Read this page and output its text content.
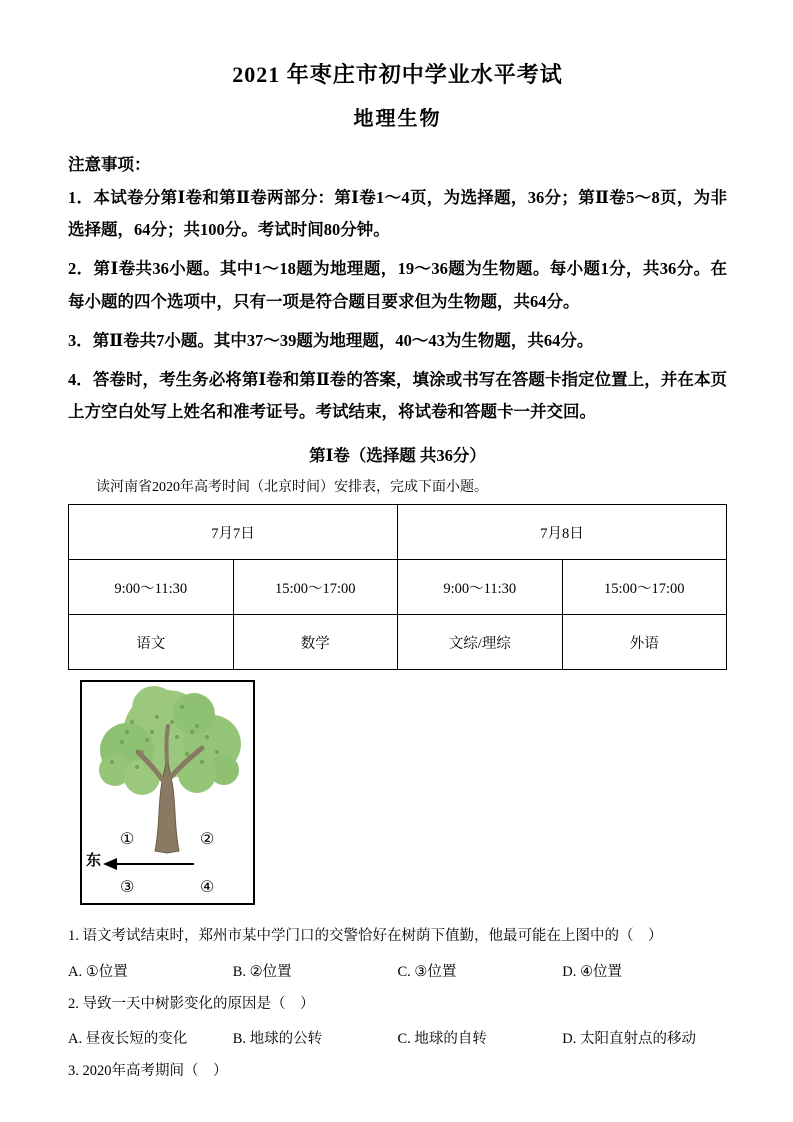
2021 年枣庄市初中学业水平考试
地理生物
注意事项：

1．本试卷分第Ⅰ卷和第Ⅱ卷两部分：第Ⅰ卷1～4页，为选择题，36分；第Ⅱ卷5～8页，为非选择题，64分；共100分。考试时间80分钟。

2．第Ⅰ卷共36小题。其中1～18题为地理题，19～36题为生物题。每小题1分，共36分。在每小题的四个选项中，只有一项是符合题目要求但为生物题，共64分。

3．第Ⅱ卷共7小题。其中37～39题为地理题，40～43为生物题，共64分。

4．答卷时，考生务必将第Ⅰ卷和第Ⅱ卷的答案，填涂或书写在答题卡指定位置上，并在本页上方空白处写上姓名和准考证号。考试结束，将试卷和答题卡一并交回。

第Ⅰ卷（选择题 共36分）

读河南省2020年高考时间（北京时间）安排表，完成下面小题。

7月7日		7月8日	
9:00～11:30	15:00～17:00	9:00～11:30	15:00～17:00
语文	数学	文综/理综	外语
东
①	②
③	④

1. 语文考试结束时，郑州市某中学门口的交警恰好在树荫下值勤，他最可能在上图中的（　）

A. ①位置	B. ②位置	C. ③位置	D. ④位置

2. 导致一天中树影变化的原因是（　）

A. 昼夜长短的变化	B. 地球的公转	C. 地球的自转	D. 太阳直射点的移动

3. 2020年高考期间（　）
